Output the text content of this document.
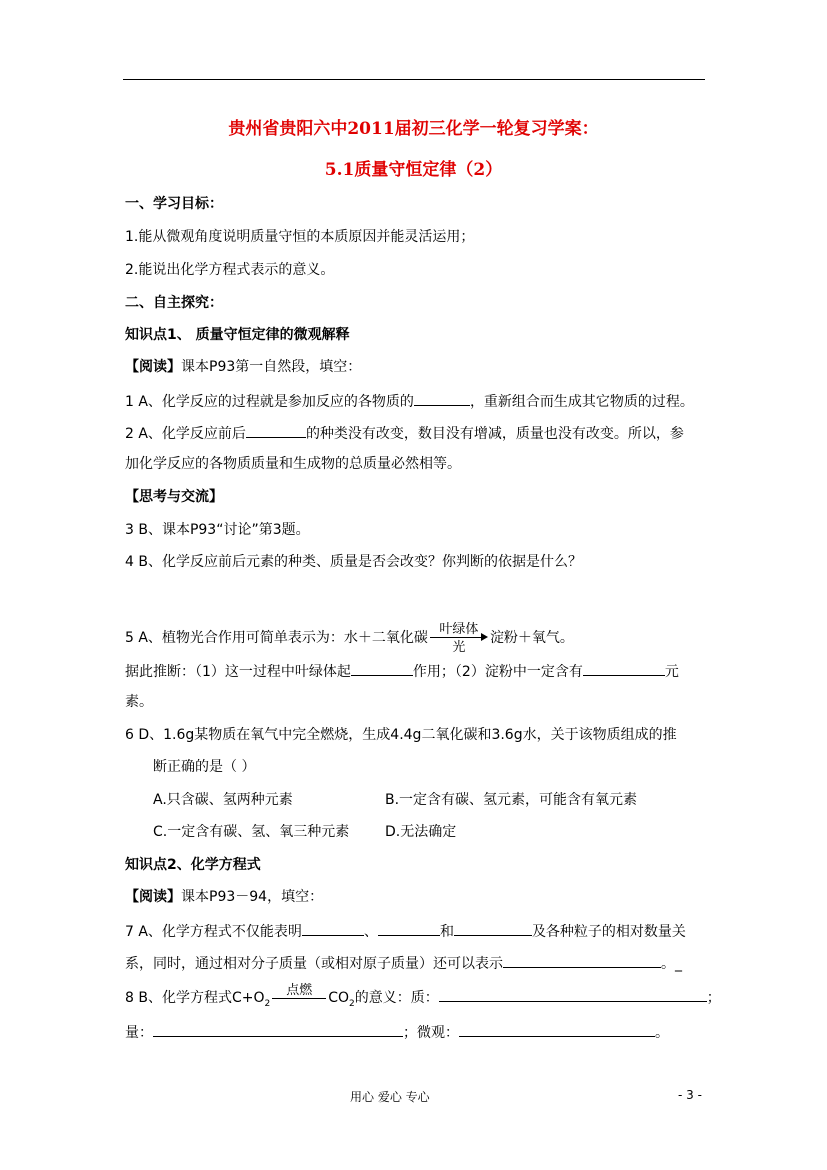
贵州省贵阳六中2011届初三化学一轮复习学案：
5.1质量守恒定律（2）
一、学习目标：
1.能从微观角度说明质量守恒的本质原因并能灵活运用；
2.能说出化学方程式表示的意义。
二、自主探究：
知识点1、 质量守恒定律的微观解释
【阅读】课本P93第一自然段，填空：
1 A、化学反应的过程就是参加反应的各物质的	，重新组合而生成其它物质的过程。
2 A、化学反应前后	的种类没有改变，数目没有增减，质量也没有改变。所以，参
加化学反应的各物质质量和生成物的总质量必然相等。
【思考与交流】
3 B、课本P93“讨论”第3题。
4 B、化学反应前后元素的种类、质量是否会改变？你判断的依据是什么？
5 A、植物光合作用可简单表示为：水＋二氧化碳
叶绿体
光
淀粉＋氧气。
据此推断：（1）这一过程中叶绿体起	作用；（2）淀粉中一定含有	元
素。
6 D、1.6g某物质在氧气中完全燃烧，生成4.4g二氧化碳和3.6g水，关于该物质组成的推
断正确的是（ ）
A.只含碳、氢两种元素	B.一定含有碳、氢元素，可能含有氧元素
C.一定含有碳、氢、氧三种元素	D.无法确定
知识点2、化学方程式
【阅读】课本P93－94，填空：
7 A、化学方程式不仅能表明	、	和	及各种粒子的相对数量关
系，同时，通过相对分子质量（或相对原子质量）还可以表示	。_
8 B、化学方程式$C+O_2$
点燃	$CO_2$的意义：质：	；
量：	；微观：	。
用心 爱心 专心	- 3 -
